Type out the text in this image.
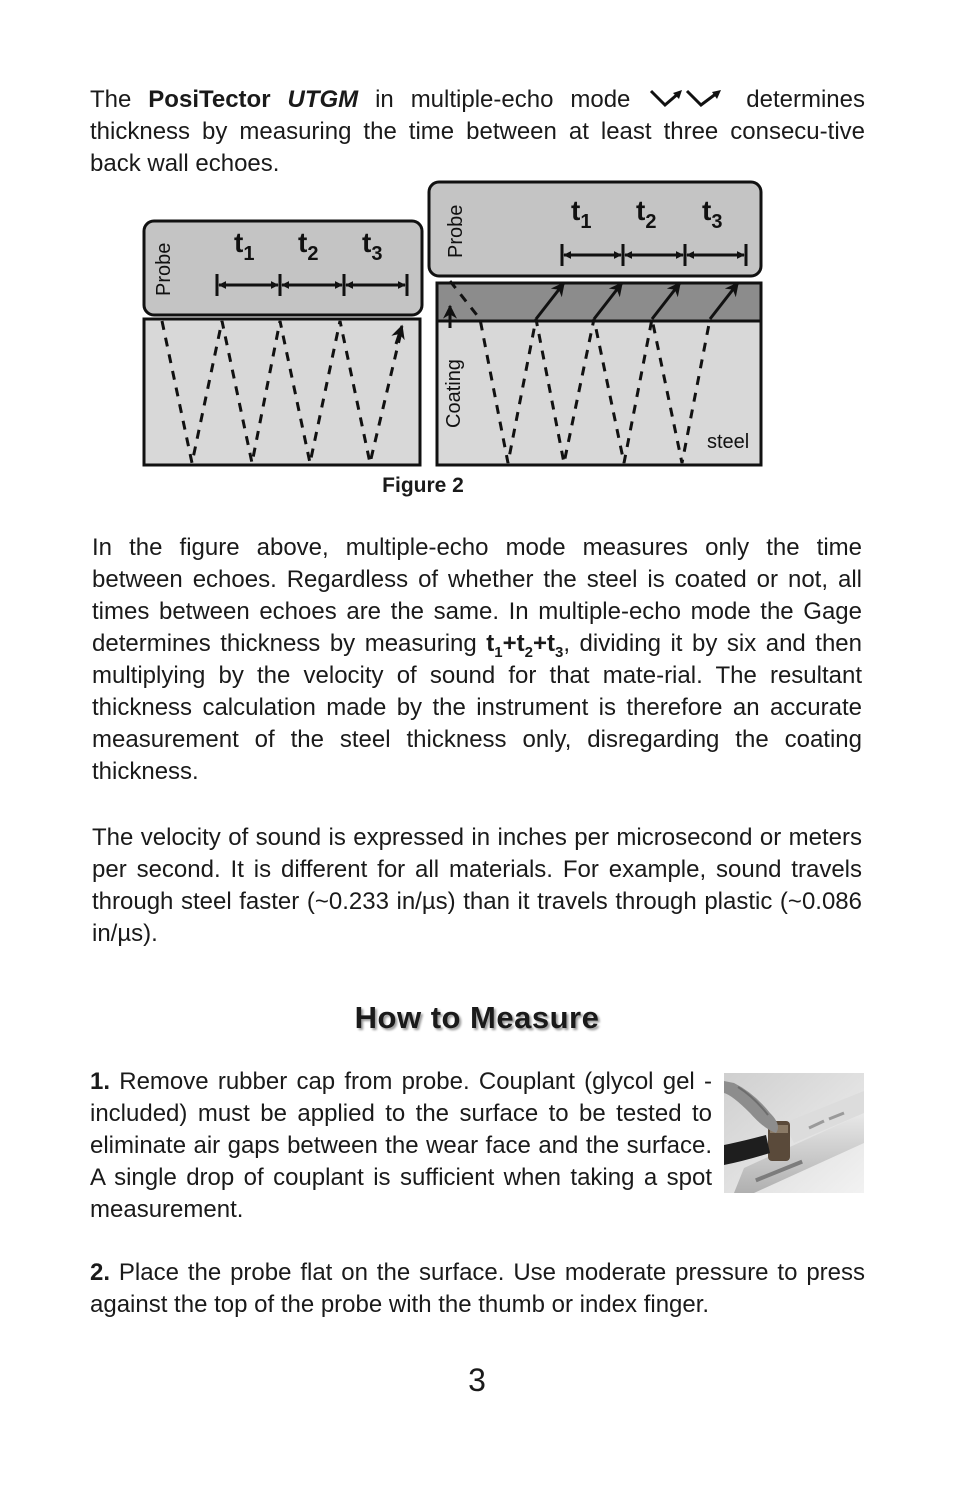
The PosiTector UTGM in multiple-echo mode	determines thickness by measuring the time between at least three consecu-tive back wall echoes.

Probe
$t_1$ $t_2$ $t_3$	Probe
Coating
steel
$t_1$ $t_2$ $t_3$
Figure 2

In the figure above, multiple-echo mode measures only the time between echoes. Regardless of whether the steel is coated or not, all times between echoes are the same. In multiple-echo mode the Gage determines thickness by measuring $t_1+t_2+t_3$, dividing it by six and then multiplying by the velocity of sound for that mate-rial. The resultant thickness calculation made by the instrument is therefore an accurate measurement of the steel thickness only, disregarding the coating thickness.

The velocity of sound is expressed in inches per microsecond or meters per second. It is different for all materials. For example, sound travels through steel faster (~0.233 in/µs) than it travels through plastic (~0.086 in/µs).

How to Measure

1. Remove rubber cap from probe. Couplant (glycol gel - included) must be applied to the surface to be tested to eliminate air gaps between the wear face and the surface. A single drop of couplant is sufficient when taking a spot measurement.

2. Place the probe flat on the surface. Use moderate pressure to press against the top of the probe with the thumb or index finger.

3
